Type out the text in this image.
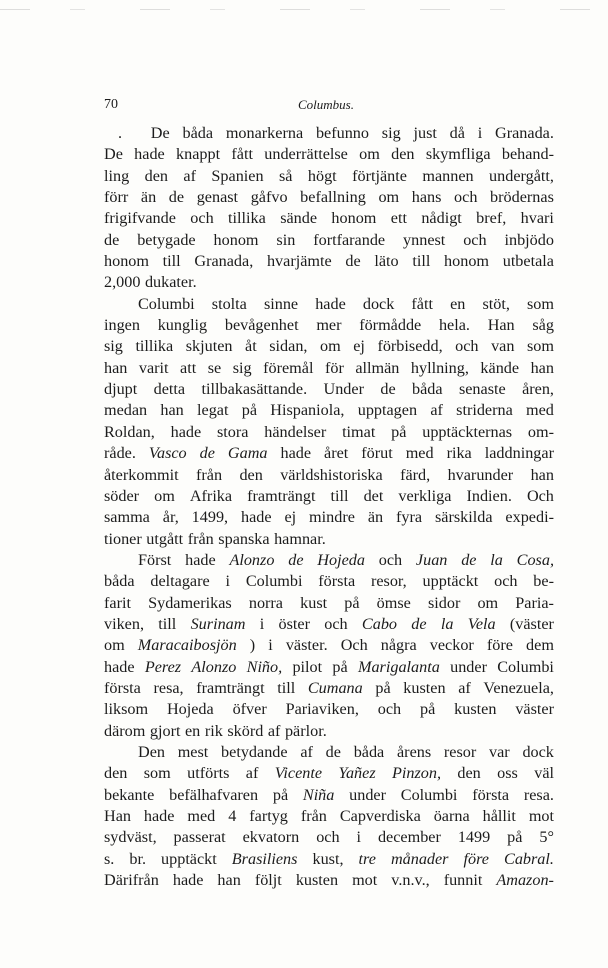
70	Columbus.
.	De båda monarkerna befunno sig just då i Granada.
De hade knappt fått underrättelse om den skymfliga behand-
ling den af Spanien så högt förtjänte mannen undergått,
förr än de genast gåfvo befallning om hans och brödernas
frigifvande och tillika sände honom ett nådigt bref, hvari
de betygade honom sin fortfarande ynnest och inbjödo
honom till Granada, hvarjämte de läto till honom utbetala
2,000 dukater.
Columbi stolta sinne hade dock fått en stöt, som
ingen kunglig bevågenhet mer förmådde hela. Han såg
sig tillika skjuten åt sidan, om ej förbisedd, och van som
han varit att se sig föremål för allmän hyllning, kände han
djupt detta tillbakasättande. Under de båda senaste åren,
medan han legat på Hispaniola, upptagen af striderna med
Roldan, hade stora händelser timat på upptäckternas om-
råde. Vasco de Gama hade året förut med rika laddningar
återkommit från den världshistoriska färd, hvarunder han
söder om Afrika framträngt till det verkliga Indien. Och
samma år, 1499, hade ej mindre än fyra särskilda expedi-
tioner utgått från spanska hamnar.
Först hade Alonzo de Hojeda och Juan de la Cosa,
båda deltagare i Columbi första resor, upptäckt och be-
farit Sydamerikas norra kust på ömse sidor om Paria-
viken, till Surinam i öster och Cabo de la Vela (väster
om Maracaibosjön ) i väster. Och några veckor före dem
hade Perez Alonzo Niño, pilot på Marigalanta under Columbi
första resa, framträngt till Cumana på kusten af Venezuela,
liksom Hojeda öfver Pariaviken, och på kusten väster
därom gjort en rik skörd af pärlor.
Den mest betydande af de båda årens resor var dock
den som utförts af Vicente Yañez Pinzon, den oss väl
bekante befälhafvaren på Niña under Columbi första resa.
Han hade med 4 fartyg från Capverdiska öarna hållit mot
sydväst, passerat ekvatorn och i december 1499 på 5°
s. br. upptäckt Brasiliens kust, tre månader före Cabral.
Därifrån hade han följt kusten mot v.n.v., funnit Amazon-
